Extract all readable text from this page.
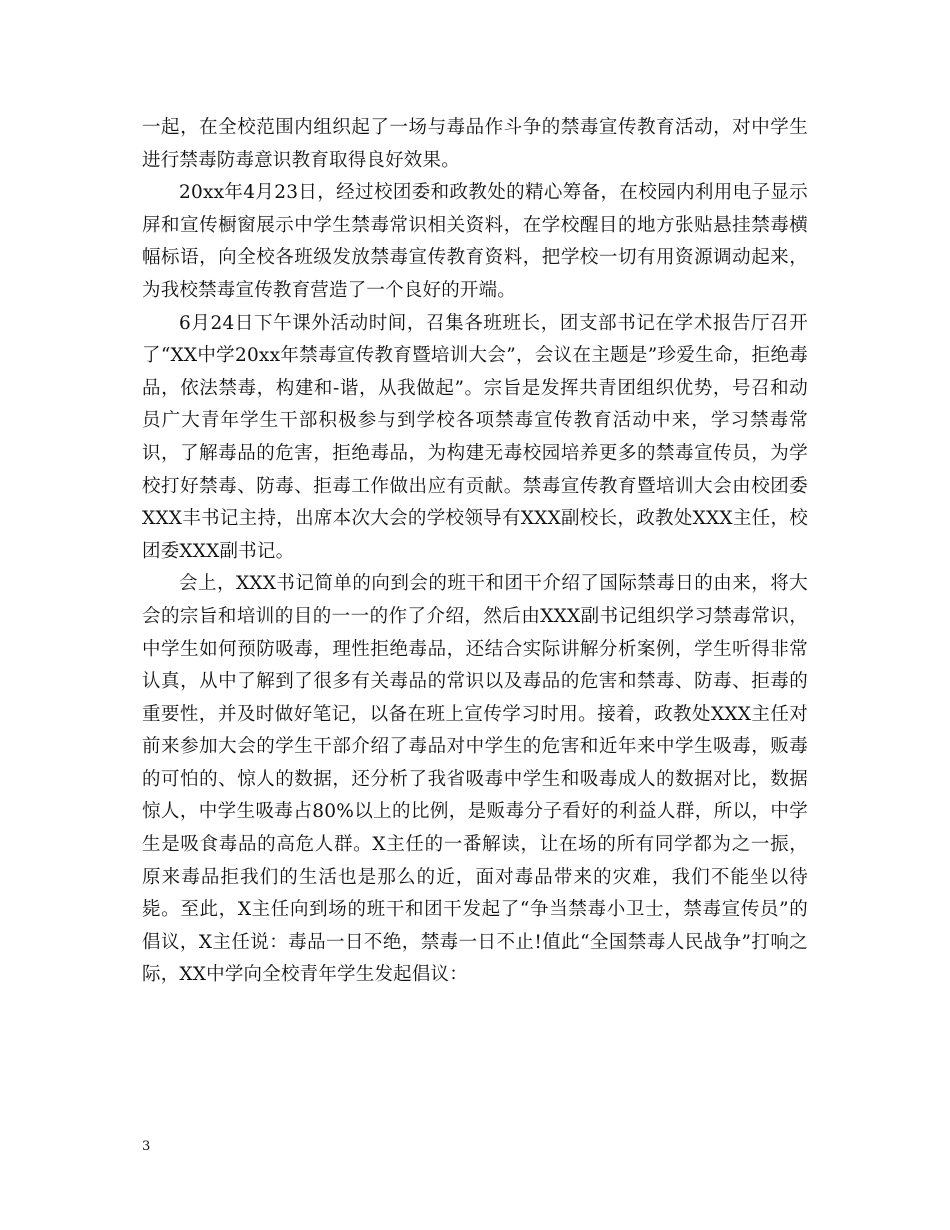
一起，在全校范围内组织起了一场与毒品作斗争的禁毒宣传教育活动，对中学生进行禁毒防毒意识教育取得良好效果。

20xx年4月23日，经过校团委和政教处的精心筹备，在校园内利用电子显示屏和宣传橱窗展示中学生禁毒常识相关资料，在学校醒目的地方张贴悬挂禁毒横幅标语，向全校各班级发放禁毒宣传教育资料，把学校一切有用资源调动起来，为我校禁毒宣传教育营造了一个良好的开端。

6月24日下午课外活动时间，召集各班班长，团支部书记在学术报告厅召开了“XX中学20xx年禁毒宣传教育暨培训大会”，会议在主题是”珍爱生命，拒绝毒品，依法禁毒，构建和-谐，从我做起”。宗旨是发挥共青团组织优势，号召和动员广大青年学生干部积极参与到学校各项禁毒宣传教育活动中来，学习禁毒常识，了解毒品的危害，拒绝毒品，为构建无毒校园培养更多的禁毒宣传员，为学校打好禁毒、防毒、拒毒工作做出应有贡献。禁毒宣传教育暨培训大会由校团委XXX丰书记主持，出席本次大会的学校领导有XXX副校长，政教处XXX主任，校团委XXX副书记。

会上，XXX书记简单的向到会的班干和团干介绍了国际禁毒日的由来，将大会的宗旨和培训的目的一一的作了介绍，然后由XXX副书记组织学习禁毒常识，中学生如何预防吸毒，理性拒绝毒品，还结合实际讲解分析案例，学生听得非常认真，从中了解到了很多有关毒品的常识以及毒品的危害和禁毒、防毒、拒毒的重要性，并及时做好笔记，以备在班上宣传学习时用。接着，政教处XXX主任对前来参加大会的学生干部介绍了毒品对中学生的危害和近年来中学生吸毒，贩毒的可怕的、惊人的数据，还分析了我省吸毒中学生和吸毒成人的数据对比，数据惊人，中学生吸毒占80%以上的比例，是贩毒分子看好的利益人群，所以，中学生是吸食毒品的高危人群。X主任的一番解读，让在场的所有同学都为之一振，原来毒品拒我们的生活也是那么的近，面对毒品带来的灾难，我们不能坐以待毙。至此，X主任向到场的班干和团干发起了“争当禁毒小卫士，禁毒宣传员”的倡议，X主任说：毒品一日不绝，禁毒一日不止!值此“全国禁毒人民战争”打响之际，XX中学向全校青年学生发起倡议：

3
